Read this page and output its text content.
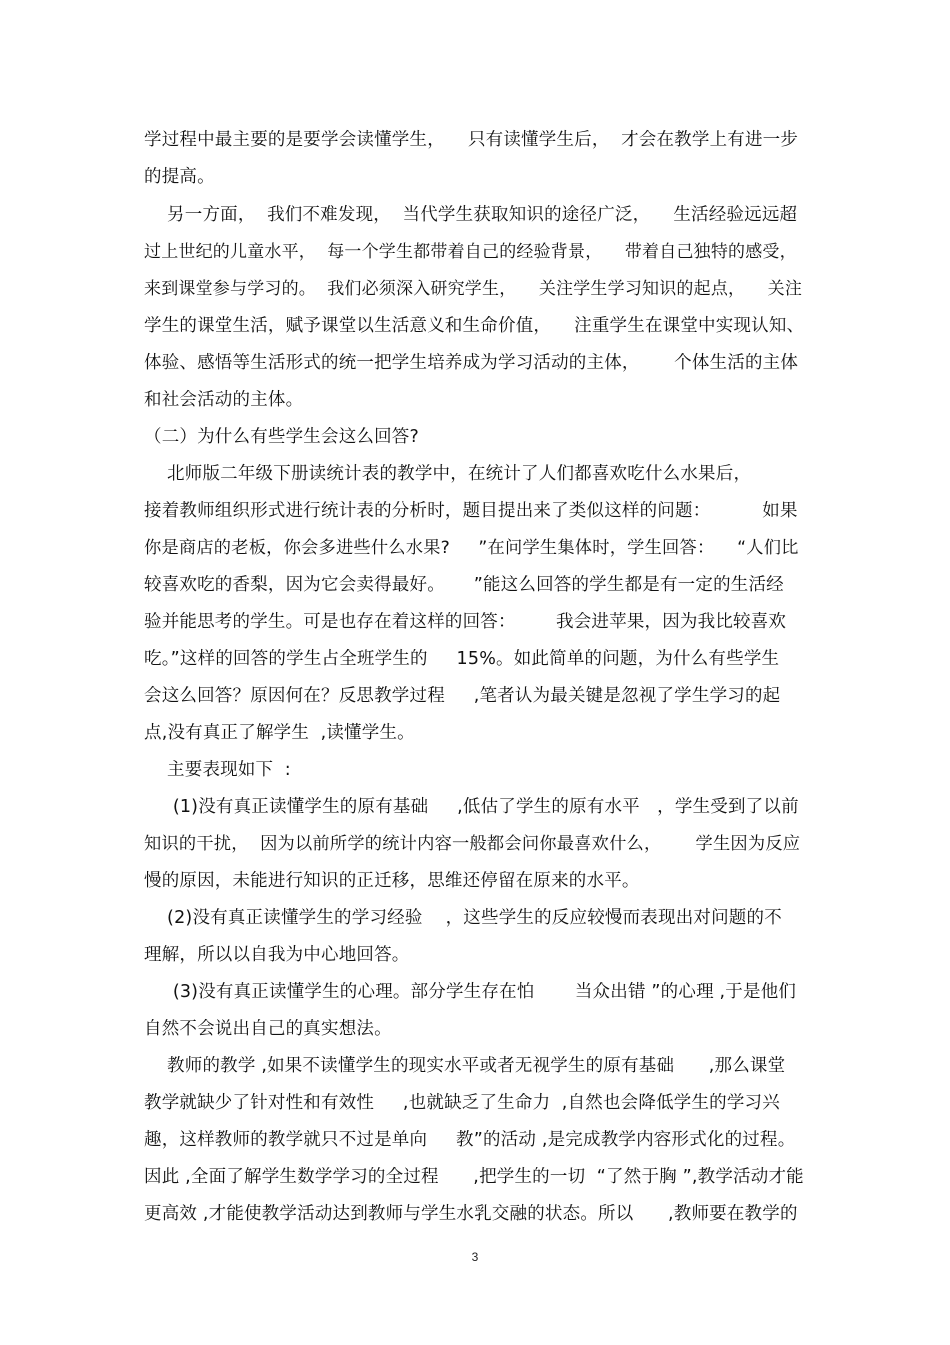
学过程中最主要的是要学会读懂学生，    只有读懂学生后，  才会在教学上有进一步
的提高。
另一方面，  我们不难发现，  当代学生获取知识的途径广泛，    生活经验远远超
过上世纪的儿童水平，  每一个学生都带着自己的经验背景，    带着自己独特的感受，
来到课堂参与学习的。  我们必须深入研究学生，    关注学生学习知识的起点，    关注
学生的课堂生活，赋予课堂以生活意义和生命价值，    注重学生在课堂中实现认知、
体验、感悟等生活形式的统一把学生培养成为学习活动的主体，      个体生活的主体
和社会活动的主体。
（二）为什么有些学生会这么回答?
北师版二年级下册读统计表的教学中，在统计了人们都喜欢吃什么水果后，
接着教师组织形式进行统计表的分析时，题目提出来了类似这样的问题：         如果
你是商店的老板，你会多进些什么水果?     ”在问学生集体时，学生回答：    “人们比
较喜欢吃的香梨，因为它会卖得最好。     ”能这么回答的学生都是有一定的生活经
验并能思考的学生。可是也存在着这样的回答：       我会进苹果，因为我比较喜欢
吃。”这样的回答的学生占全班学生的     15%。如此简单的问题，为什么有些学生
会这么回答？原因何在？反思教学过程     ,笔者认为最关键是忽视了学生学习的起
点,没有真正了解学生  ,读懂学生。
主要表现如下  :
(1)没有真正读懂学生的原有基础     ,低估了学生的原有水平   ，学生受到了以前
知识的干扰，  因为以前所学的统计内容一般都会问你最喜欢什么，      学生因为反应
慢的原因，未能进行知识的正迁移，思维还停留在原来的水平。
(2)没有真正读懂学生的学习经验    ，这些学生的反应较慢而表现出对问题的不
理解，所以以自我为中心地回答。
(3)没有真正读懂学生的心理。部分学生存在怕       当众出错 ”的心理 ,于是他们
自然不会说出自己的真实想法。
教师的教学 ,如果不读懂学生的现实水平或者无视学生的原有基础      ,那么课堂
教学就缺少了针对性和有效性     ,也就缺乏了生命力  ,自然也会降低学生的学习兴
趣，这样教师的教学就只不过是单向     教”的活动 ,是完成教学内容形式化的过程。
因此 ,全面了解学生数学学习的全过程      ,把学生的一切  “了然于胸 ”,教学活动才能
更高效 ,才能使教学活动达到教师与学生水乳交融的状态。所以      ,教师要在教学的
3
